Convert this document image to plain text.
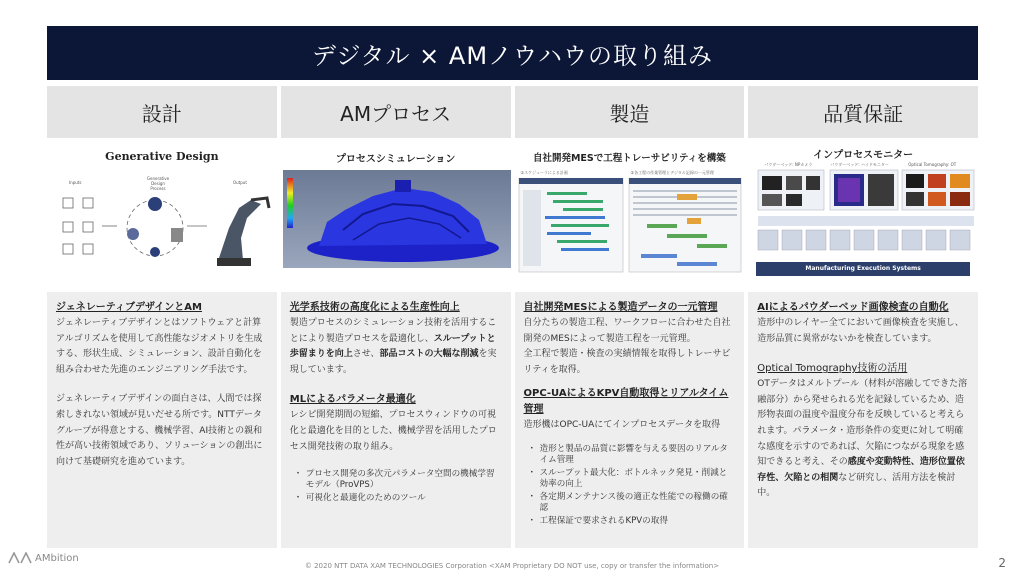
デジタル × AMノウハウの取り組み
設計
Generative Design
Inputs
Generative Design Process
Output
ジェネレーティブデザインとAM

ジェネレーティブデザインとはソフトウェアと計算アルゴリズムを使用して高性能なジオメトリを生成する、形状生成、シミュレーション、設計自動化を組み合わせた先進のエンジニアリング手法です。

ジェネレーティブデザインの面白さは、人間では探索しきれない領域が見いだせる所です。NTTデータグループが得意とする、機械学習、AI技術との親和性が高い技術領域であり、ソリューションの創出に向けて基礎研究を進めています。

AMプロセス
プロセスシミュレーション
光学系技術の高度化による生産性向上

製造プロセスのシミュレーション技術を活用することにより製造プロセスを最適化し、スループットと歩留まりを向上させ、部品コストの大幅な削減を実現しています。

MLによるパラメータ最適化

レシピ開発期間の短縮、プロセスウィンドウの可視化と最適化を目的とした、機械学習を活用したプロセス開発技術の取り組み。

・ プロセス開発の多次元パラメータ空間の機械学習モデル（ProVPS）
・ 可視化と最適化のためのツール
製造
自社開発MESで工程トレーサビリティを構築
①スケジューラによる計画	②各工程の作業管理とデジタル記録の一元管理
自社開発MESによる製造データの一元管理

自分たちの製造工程、ワークフローに合わせた自社開発のMESによって製造工程を一元管理。

全工程で製造・検査の実績情報を取得しトレーサビリティを取得。

OPC-UAによるKPV自動取得とリアルタイム管理

造形機はOPC-UAにてインプロセスデータを取得

・ 造形と製品の品質に影響を与える要因のリアルタイム管理
・ スループット最大化：ボトルネック発見・削減と効率の向上
・ 各定期メンテナンス後の適正な性能での稼働の確認
・ 工程保証で要求されるKPVの取得
品質保証
インプロセスモニター
パウダーベッド: NPカメラ	パウダーベッド: ハイドモニター	Optical Tomography: OT
Manufacturing Execution Systems
AIによるパウダーベッド画像検査の自動化

造形中のレイヤー全てにおいて画像検査を実施し、造形品質に異常がないかを検査しています。

Optical Tomography技術の活用

OTデータはメルトプール（材料が溶融してできた溶融部分）から発せられる光を記録しているため、造形物表面の温度や温度分布を反映していると考えられます。パラメータ・造形条件の変更に対して明確な感度を示すのであれば、欠陥につながる現象を感知できると考え、その感度や変動特性、造形位置依存性、欠陥との相関など研究し、活用方法を検討中。

AMbition
© 2020 NTT DATA XAM TECHNOLOGIES Corporation <XAM Proprietary DO NOT use, copy or transfer the information>	2
